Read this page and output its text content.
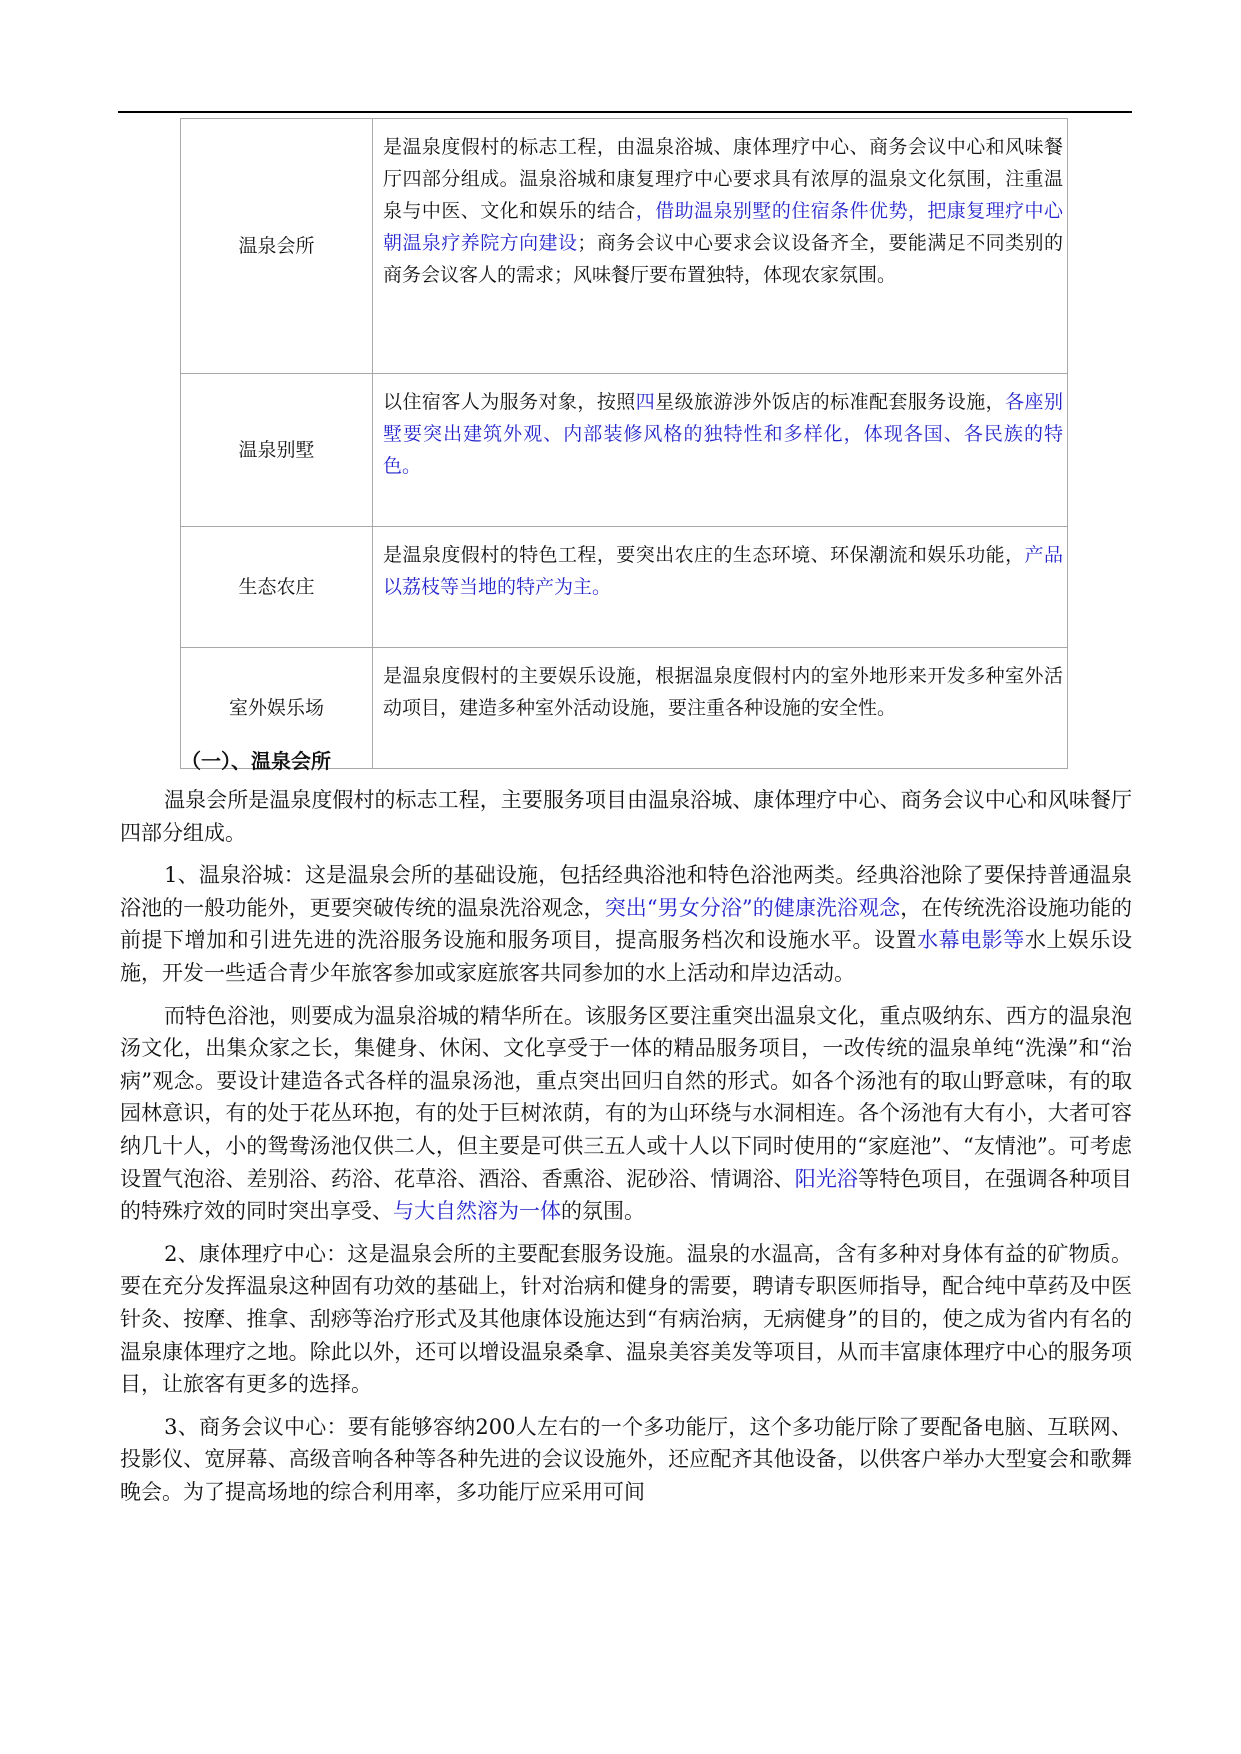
温泉会所	是温泉度假村的标志工程，由温泉浴城、康体理疗中心、商务会议中心和风味餐厅四部分组成。温泉浴城和康复理疗中心要求具有浓厚的温泉文化氛围，注重温泉与中医、文化和娱乐的结合，借助温泉别墅的住宿条件优势，把康复理疗中心朝温泉疗养院方向建设；商务会议中心要求会议设备齐全，要能满足不同类别的商务会议客人的需求；风味餐厅要布置独特，体现农家氛围。
温泉别墅	以住宿客人为服务对象，按照四星级旅游涉外饭店的标准配套服务设施，各座别墅要突出建筑外观、内部装修风格的独特性和多样化，体现各国、各民族的特色。
生态农庄	是温泉度假村的特色工程，要突出农庄的生态环境、环保潮流和娱乐功能，产品以荔枝等当地的特产为主。
室外娱乐场	是温泉度假村的主要娱乐设施，根据温泉度假村内的室外地形来开发多种室外活动项目，建造多种室外活动设施，要注重各种设施的安全性。
（一）、温泉会所

温泉会所是温泉度假村的标志工程，主要服务项目由温泉浴城、康体理疗中心、商务会议中心和风味餐厅四部分组成。

1、温泉浴城：这是温泉会所的基础设施，包括经典浴池和特色浴池两类。经典浴池除了要保持普通温泉浴池的一般功能外，更要突破传统的温泉洗浴观念，突出“男女分浴”的健康洗浴观念，在传统洗浴设施功能的前提下增加和引进先进的洗浴服务设施和服务项目，提高服务档次和设施水平。设置水幕电影等水上娱乐设施，开发一些适合青少年旅客参加或家庭旅客共同参加的水上活动和岸边活动。

而特色浴池，则要成为温泉浴城的精华所在。该服务区要注重突出温泉文化，重点吸纳东、西方的温泉泡汤文化，出集众家之长，集健身、休闲、文化享受于一体的精品服务项目，一改传统的温泉单纯“洗澡”和“治病”观念。要设计建造各式各样的温泉汤池，重点突出回归自然的形式。如各个汤池有的取山野意味，有的取园林意识，有的处于花丛环抱，有的处于巨树浓荫，有的为山环绕与水洞相连。各个汤池有大有小，大者可容纳几十人，小的鸳鸯汤池仅供二人，但主要是可供三五人或十人以下同时使用的“家庭池”、“友情池”。可考虑设置气泡浴、差别浴、药浴、花草浴、酒浴、香熏浴、泥砂浴、情调浴、阳光浴等特色项目，在强调各种项目的特殊疗效的同时突出享受、与大自然溶为一体的氛围。

2、康体理疗中心：这是温泉会所的主要配套服务设施。温泉的水温高，含有多种对身体有益的矿物质。要在充分发挥温泉这种固有功效的基础上，针对治病和健身的需要，聘请专职医师指导，配合纯中草药及中医针灸、按摩、推拿、刮痧等治疗形式及其他康体设施达到“有病治病，无病健身”的目的，使之成为省内有名的温泉康体理疗之地。除此以外，还可以增设温泉桑拿、温泉美容美发等项目，从而丰富康体理疗中心的服务项目，让旅客有更多的选择。

3、商务会议中心：要有能够容纳200人左右的一个多功能厅，这个多功能厅除了要配备电脑、互联网、投影仪、宽屏幕、高级音响各种等各种先进的会议设施外，还应配齐其他设备，以供客户举办大型宴会和歌舞晚会。为了提高场地的综合利用率，多功能厅应采用可间
